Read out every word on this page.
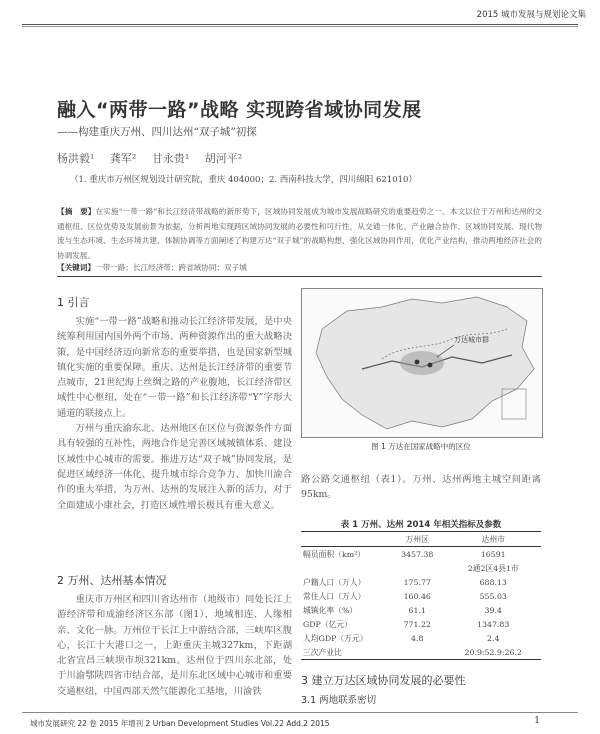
2015 城市发展与规划论文集
融入“两带一路”战略 实现跨省域协同发展
——构建重庆万州、四川达州“双子城”初探
杨洪毅¹ 龚军² 甘永贵¹ 胡河平²
（1. 重庆市万州区规划设计研究院，重庆 404000；2. 西南科技大学，四川绵阳 621010）
【摘　要】在实施“一带一路”和长江经济带战略的新形势下，区域协同发展成为城市发展战略研究的重要趋势之一。本文以位于万州和达州的交通枢纽、区位优势及发展前景为依据，分析两地实现跨区域协同发展的必要性和可行性，从交通一体化、产业融合协作、区域协同发展、现代物流与生态环境、生态环境共建、体制协调等方面阐述了构建万达“双子城”的战略构想，强化区域协同作用，优化产业结构，推动两地经济社会的协调发展。
【关键词】一带一路；长江经济带；跨省域协同；双子城
1 引言

实施“一带一路”战略和推动长江经济带发展，是中央统筹利用国内国外两个市场、两种资源作出的重大战略决策，是中国经济迈向新常态的重要举措，也是国家新型城镇化实施的重要保障。重庆、达州是长江经济带的重要节点城市，21世纪海上丝绸之路的产业腹地，长江经济带区域性中心枢纽，处在“一带一路”和长江经济带“Y”字形大通道的联接点上。

万州与重庆渝东北、达州地区在区位与资源条件方面具有较强的互补性，两地合作是完善区域城镇体系、建设区域性中心城市的需要。推进万达“双子城”协同发展，是促进区域经济一体化、提升城市综合竞争力、加快川渝合作的重大举措，为万州、达州的发展注入新的活力，对于全面建成小康社会，打造区域性增长极具有重大意义。

2 万州、达州基本情况

重庆市万州区和四川省达州市（地级市）同处长江上游经济带和成渝经济区东部（图1），地域相连、人缘相亲、文化一脉。万州位于长江上中游结合部，三峡库区腹心，长江十大港口之一，上距重庆主城327km，下距湖北省宜昌三峡坝市坝321km。达州位于四川东北部，处于川渝鄂陕四省市结合部，是川东北区域中心城市和重要交通枢纽，中国西部天然气能源化工基地，川渝铁

万达城市群
图 1 万达在国家战略中的区位

路公路交通枢纽（表1）。万州、达州两地主城空间距离95km。

表 1 万州、达州 2014 年相关指标及参数
	万州区	达州市
幅员面积（km²）	3457.38	16591
		2通2区4县1市
户籍人口（万人）	175.77	688.13
常住人口（万人）	160.46	555.03
城镇化率（%）	61.1	39.4
GDP（亿元）	771.22	1347.83
人均GDP（万元）	4.8	2.4
三次产业比		20.9:52.9:26.2
3 建立万达区域协同发展的必要性
3.1 两地联系密切
城市发展研究 22 卷 2015 年增刊 2 Urban Development Studies Vol.22 Add.2 2015	1
